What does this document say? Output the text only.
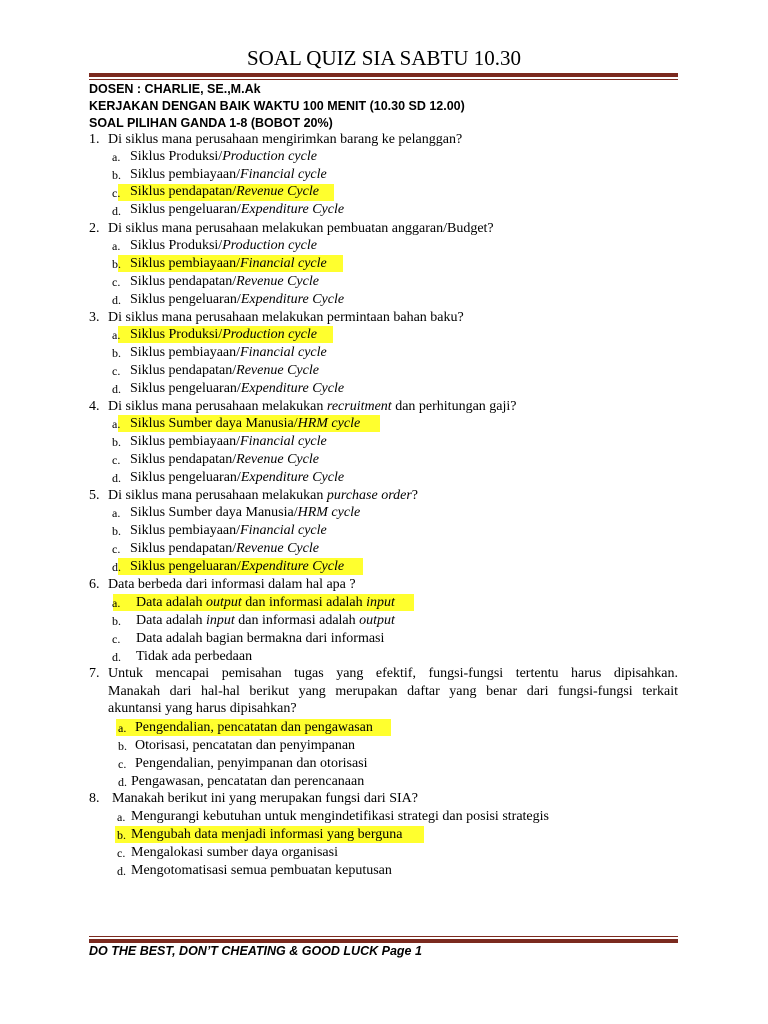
SOAL QUIZ SIA SABTU 10.30
DOSEN : CHARLIE, SE.,M.Ak
KERJAKAN DENGAN BAIK WAKTU 100 MENIT (10.30 SD 12.00)
SOAL PILIHAN GANDA 1-8 (BOBOT 20%)
1. Di siklus mana perusahaan mengirimkan barang ke pelanggan?
a. Siklus Produksi/Production cycle
b. Siklus pembiayaan/Financial cycle
c. Siklus pendapatan/Revenue Cycle
d. Siklus pengeluaran/Expenditure Cycle
2. Di siklus mana perusahaan melakukan pembuatan anggaran/Budget?
a. Siklus Produksi/Production cycle
b. Siklus pembiayaan/Financial cycle
c. Siklus pendapatan/Revenue Cycle
d. Siklus pengeluaran/Expenditure Cycle
3. Di siklus mana perusahaan melakukan permintaan bahan baku?
a. Siklus Produksi/Production cycle
b. Siklus pembiayaan/Financial cycle
c. Siklus pendapatan/Revenue Cycle
d. Siklus pengeluaran/Expenditure Cycle
4. Di siklus mana perusahaan melakukan recruitment dan perhitungan gaji?
a. Siklus Sumber daya Manusia/HRM cycle
b. Siklus pembiayaan/Financial cycle
c. Siklus pendapatan/Revenue Cycle
d. Siklus pengeluaran/Expenditure Cycle
5. Di siklus mana perusahaan melakukan purchase order?
a. Siklus Sumber daya Manusia/HRM cycle
b. Siklus pembiayaan/Financial cycle
c. Siklus pendapatan/Revenue Cycle
d. Siklus pengeluaran/Expenditure Cycle
6. Data berbeda dari informasi dalam hal apa ?
a. Data adalah output dan informasi adalah input
b. Data adalah input dan informasi adalah output
c. Data adalah bagian bermakna dari informasi
d. Tidak ada perbedaan
7. Untuk mencapai pemisahan tugas yang efektif, fungsi-fungsi tertentu harus dipisahkan.
Manakah dari hal-hal berikut yang merupakan daftar yang benar dari fungsi-fungsi terkait
akuntansi yang harus dipisahkan?
a. Pengendalian, pencatatan dan pengawasan
b. Otorisasi, pencatatan dan penyimpanan
c. Pengendalian, penyimpanan dan otorisasi
d. Pengawasan, pencatatan dan perencanaan
8. Manakah berikut ini yang merupakan fungsi dari SIA?
a. Mengurangi kebutuhan untuk mengindetifikasi strategi dan posisi strategis
b. Mengubah data menjadi informasi yang berguna
c. Mengalokasi sumber daya organisasi
d. Mengotomatisasi semua pembuatan keputusan
DO THE BEST, DON’T CHEATING & GOOD LUCK Page 1
